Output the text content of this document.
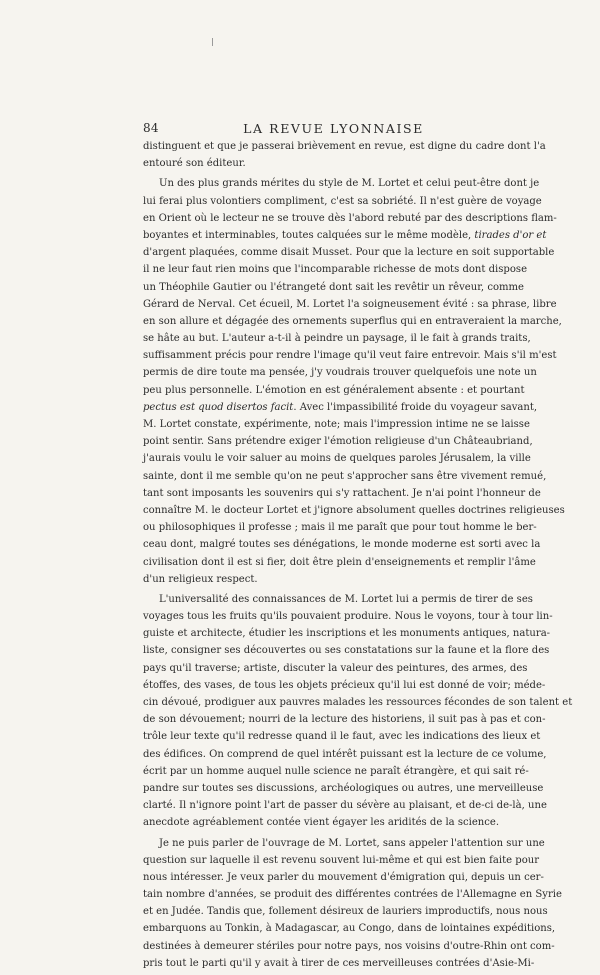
84	LA REVUE LYONNAISE
distinguent et que je passerai brièvement en revue, est digne du cadre dont l'a
entouré son éditeur.
Un des plus grands mérites du style de M. Lortet et celui peut-être dont je
lui ferai plus volontiers compliment, c'est sa sobriété. Il n'est guère de voyage
en Orient où le lecteur ne se trouve dès l'abord rebuté par des descriptions flam-
boyantes et interminables, toutes calquées sur le même modèle, tirades d'or et
d'argent plaquées, comme disait Musset. Pour que la lecture en soit supportable
il ne leur faut rien moins que l'incomparable richesse de mots dont dispose
un Théophile Gautier ou l'étrangeté dont sait les revêtir un rêveur, comme
Gérard de Nerval. Cet écueil, M. Lortet l'a soigneusement évité : sa phrase, libre
en son allure et dégagée des ornements superflus qui en entraveraient la marche,
se hâte au but. L'auteur a-t-il à peindre un paysage, il le fait à grands traits,
suffisamment précis pour rendre l'image qu'il veut faire entrevoir. Mais s'il m'est
permis de dire toute ma pensée, j'y voudrais trouver quelquefois une note un
peu plus personnelle. L'émotion en est généralement absente : et pourtant
pectus est quod disertos facit. Avec l'impassibilité froide du voyageur savant,
M. Lortet constate, expérimente, note; mais l'impression intime ne se laisse
point sentir. Sans prétendre exiger l'émotion religieuse d'un Châteaubriand,
j'aurais voulu le voir saluer au moins de quelques paroles Jérusalem, la ville
sainte, dont il me semble qu'on ne peut s'approcher sans être vivement remué,
tant sont imposants les souvenirs qui s'y rattachent. Je n'ai point l'honneur de
connaître M. le docteur Lortet et j'ignore absolument quelles doctrines religieuses
ou philosophiques il professe ; mais il me paraît que pour tout homme le ber-
ceau dont, malgré toutes ses dénégations, le monde moderne est sorti avec la
civilisation dont il est si fier, doit être plein d'enseignements et remplir l'âme
d'un religieux respect.
L'universalité des connaissances de M. Lortet lui a permis de tirer de ses
voyages tous les fruits qu'ils pouvaient produire. Nous le voyons, tour à tour lin-
guiste et architecte, étudier les inscriptions et les monuments antiques, natura-
liste, consigner ses découvertes ou ses constatations sur la faune et la flore des
pays qu'il traverse; artiste, discuter la valeur des peintures, des armes, des
étoffes, des vases, de tous les objets précieux qu'il lui est donné de voir; méde-
cin dévoué, prodiguer aux pauvres malades les ressources fécondes de son talent et
de son dévouement; nourri de la lecture des historiens, il suit pas à pas et con-
trôle leur texte qu'il redresse quand il le faut, avec les indications des lieux et
des édifices. On comprend de quel intérêt puissant est la lecture de ce volume,
écrit par un homme auquel nulle science ne paraît étrangère, et qui sait ré-
pandre sur toutes ses discussions, archéologiques ou autres, une merveilleuse
clarté. Il n'ignore point l'art de passer du sévère au plaisant, et de-ci de-là, une
anecdote agréablement contée vient égayer les aridités de la science.
Je ne puis parler de l'ouvrage de M. Lortet, sans appeler l'attention sur une
question sur laquelle il est revenu souvent lui-même et qui est bien faite pour
nous intéresser. Je veux parler du mouvement d'émigration qui, depuis un cer-
tain nombre d'années, se produit des différentes contrées de l'Allemagne en Syrie
et en Judée. Tandis que, follement désireux de lauriers improductifs, nous nous
embarquons au Tonkin, à Madagascar, au Congo, dans de lointaines expéditions,
destinées à demeurer stériles pour notre pays, nos voisins d'outre-Rhin ont com-
pris tout le parti qu'il y avait à tirer de ces merveilleuses contrées d'Asie-Mi-
